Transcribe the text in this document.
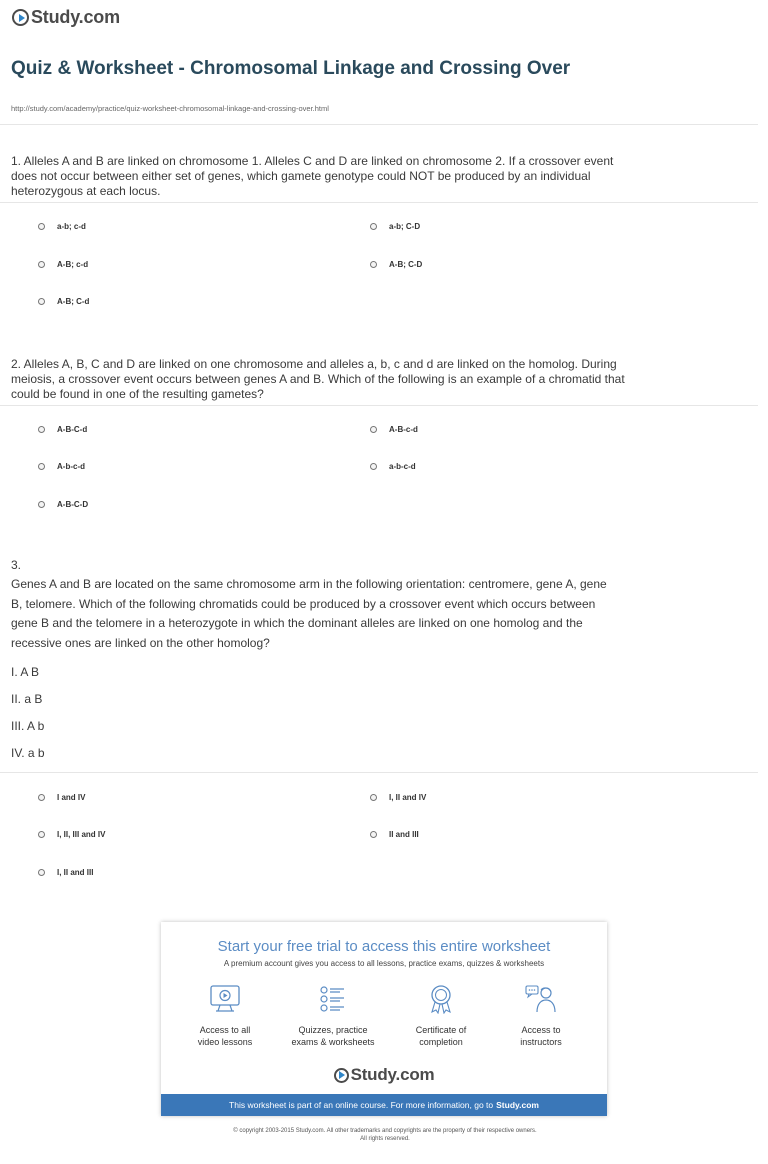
Study.com
Quiz & Worksheet - Chromosomal Linkage and Crossing Over
http://study.com/academy/practice/quiz-worksheet-chromosomal-linkage-and-crossing-over.html

1. Alleles A and B are linked on chromosome 1. Alleles C and D are linked on chromosome 2. If a crossover event does not occur between either set of genes, which gamete genotype could NOT be produced by an individual heterozygous at each locus.

a-b; c-d	a-b; C-D
A-B; c-d	A-B; C-D
A-B; C-d

2. Alleles A, B, C and D are linked on one chromosome and alleles a, b, c and d are linked on the homolog. During meiosis, a crossover event occurs between genes A and B. Which of the following is an example of a chromatid that could be found in one of the resulting gametes?

A-B-C-d	A-B-c-d
A-b-c-d	a-b-c-d
A-B-C-D
3.

Genes A and B are located on the same chromosome arm in the following orientation: centromere, gene A, gene B, telomere. Which of the following chromatids could be produced by a crossover event which occurs between gene B and the telomere in a heterozygote in which the dominant alleles are linked on one homolog and the recessive ones are linked on the other homolog?

I. A B
II. a B
III. A b
IV. a b
I and IV	I, II and IV
I, II, III and IV	II and III
I, II and III
Start your free trial to access this entire worksheet
A premium account gives you access to all lessons, practice exams, quizzes & worksheets
Access to all
video lessons
Quizzes, practice
exams & worksheets
Certificate of
completion
Access to
instructors
Study.com
This worksheet is part of an online course. For more information, go to Study.com
© copyright 2003-2015 Study.com. All other trademarks and copyrights are the property of their respective owners.
All rights reserved.
